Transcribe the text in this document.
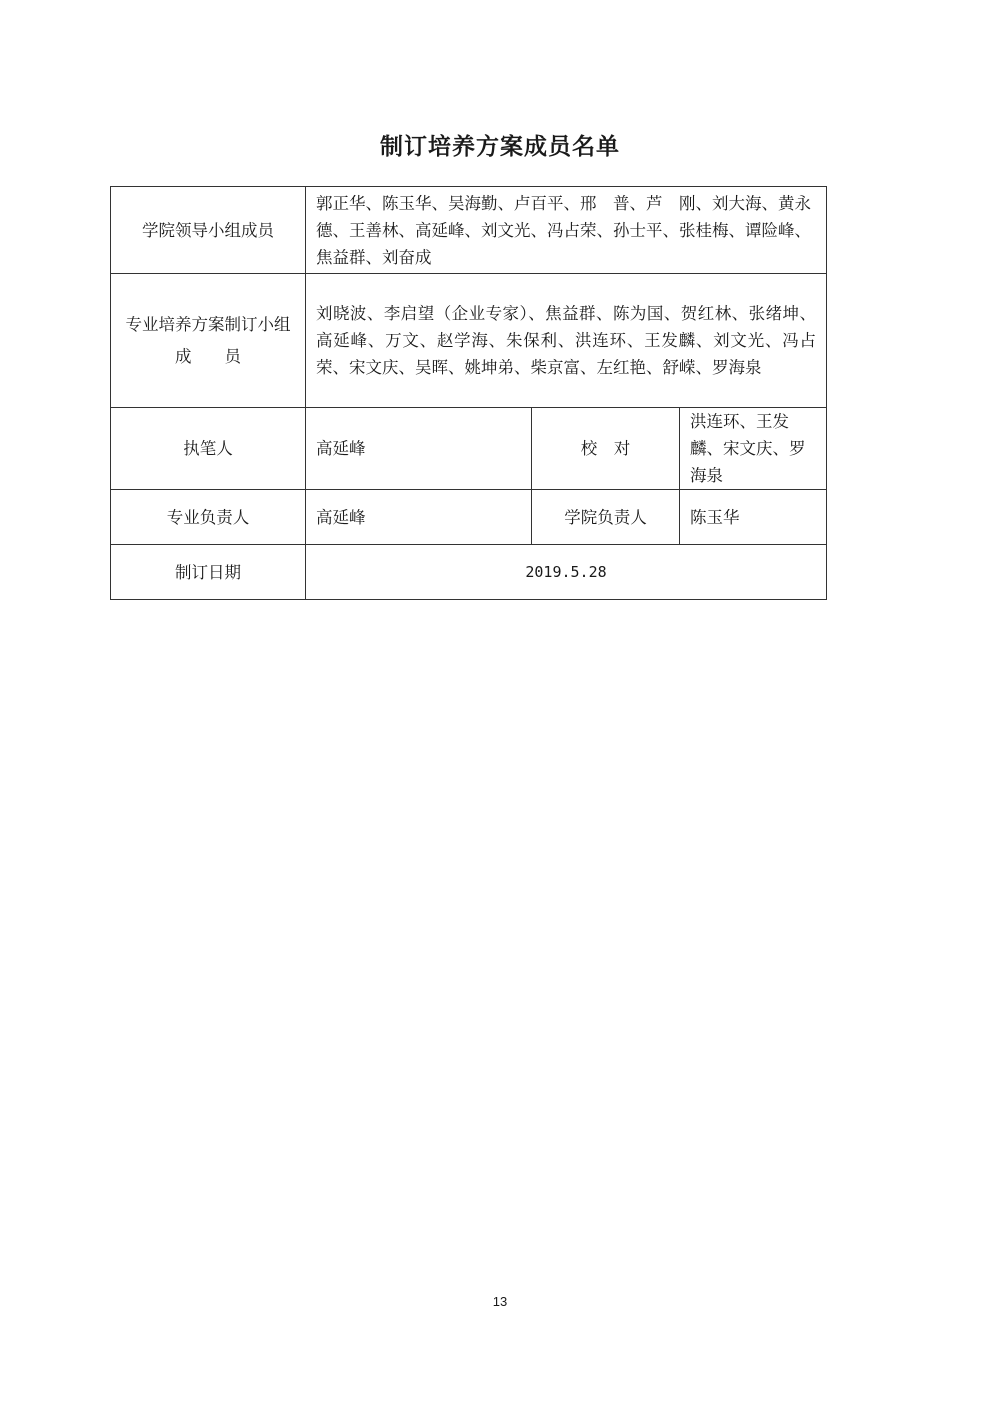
制订培养方案成员名单
学院领导小组成员	郭正华、陈玉华、吴海勤、卢百平、邢　普、芦　刚、刘大海、黄永德、王善林、高延峰、刘文光、冯占荣、孙士平、张桂梅、谭险峰、焦益群、刘奋成		

专业培养方案制订小组
成　　员	刘晓波、李启望（企业专家）、焦益群、陈为国、贺红林、张绪坤、高延峰、万文、赵学海、朱保利、洪连环、王发麟、刘文光、冯占荣、宋文庆、吴晖、姚坤弟、柴京富、左红艳、舒嵘、罗海泉		
执笔人	高延峰	校　对	洪连环、王发麟、宋文庆、罗海泉
专业负责人	高延峰	学院负责人	陈玉华
制订日期	2019.5.28		
13
